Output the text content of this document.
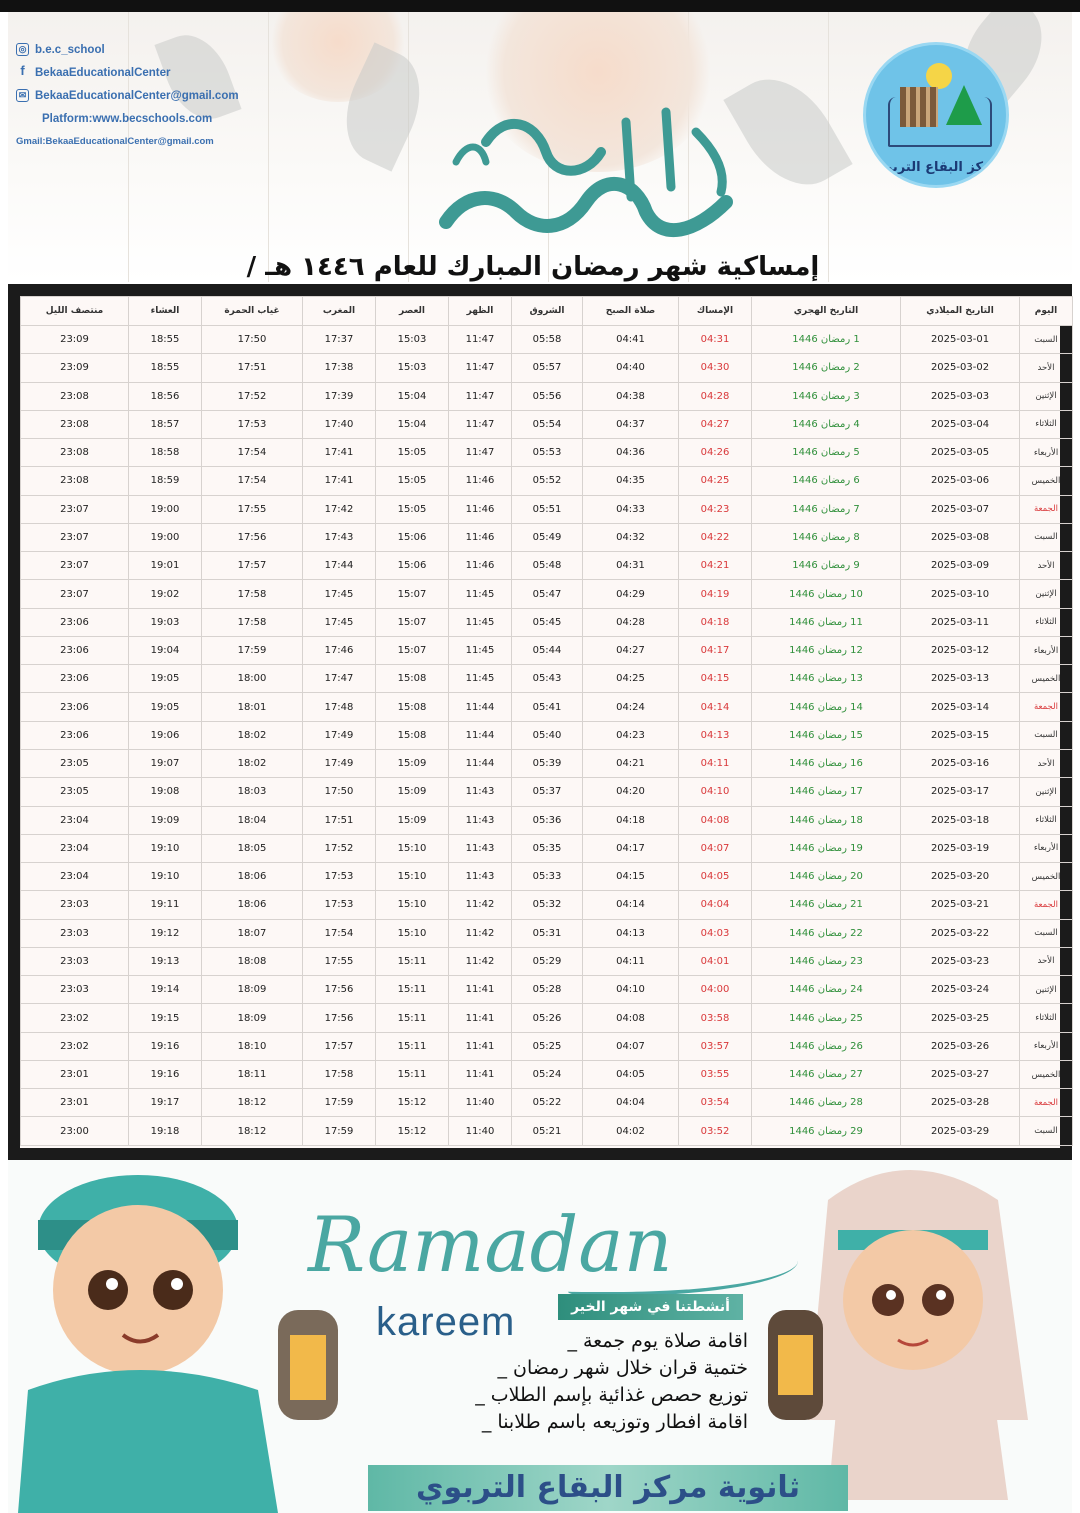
◎ b.e.c_school
f BekaaEducationalCenter
✉ BekaaEducationalCenter@gmail.com
Platform:www.becschools.com
Gmail:BekaaEducationalCenter@gmail.com
إمساكية شهر رمضان المبارك للعام ١٤٤٦ هـ /
مركز البقاع التربوي
اليوم	التاريخ الميلادي	التاريخ الهجري	الإمساك	صلاة الصبح	الشروق	الظهر	العصر	المغرب	غياب الحمرة	العشاء	منتصف الليل
السبت	2025-03-01	1 رمضان 1446	04:31	04:41	05:58	11:47	15:03	17:37	17:50	18:55	23:09
الأحد	2025-03-02	2 رمضان 1446	04:30	04:40	05:57	11:47	15:03	17:38	17:51	18:55	23:09
الإثنين	2025-03-03	3 رمضان 1446	04:28	04:38	05:56	11:47	15:04	17:39	17:52	18:56	23:08
الثلاثاء	2025-03-04	4 رمضان 1446	04:27	04:37	05:54	11:47	15:04	17:40	17:53	18:57	23:08
الأربعاء	2025-03-05	5 رمضان 1446	04:26	04:36	05:53	11:47	15:05	17:41	17:54	18:58	23:08
الخميس	2025-03-06	6 رمضان 1446	04:25	04:35	05:52	11:46	15:05	17:41	17:54	18:59	23:08
الجمعة	2025-03-07	7 رمضان 1446	04:23	04:33	05:51	11:46	15:05	17:42	17:55	19:00	23:07
السبت	2025-03-08	8 رمضان 1446	04:22	04:32	05:49	11:46	15:06	17:43	17:56	19:00	23:07
الأحد	2025-03-09	9 رمضان 1446	04:21	04:31	05:48	11:46	15:06	17:44	17:57	19:01	23:07
الإثنين	2025-03-10	10 رمضان 1446	04:19	04:29	05:47	11:45	15:07	17:45	17:58	19:02	23:07
الثلاثاء	2025-03-11	11 رمضان 1446	04:18	04:28	05:45	11:45	15:07	17:45	17:58	19:03	23:06
الأربعاء	2025-03-12	12 رمضان 1446	04:17	04:27	05:44	11:45	15:07	17:46	17:59	19:04	23:06
الخميس	2025-03-13	13 رمضان 1446	04:15	04:25	05:43	11:45	15:08	17:47	18:00	19:05	23:06
الجمعة	2025-03-14	14 رمضان 1446	04:14	04:24	05:41	11:44	15:08	17:48	18:01	19:05	23:06
السبت	2025-03-15	15 رمضان 1446	04:13	04:23	05:40	11:44	15:08	17:49	18:02	19:06	23:06
الأحد	2025-03-16	16 رمضان 1446	04:11	04:21	05:39	11:44	15:09	17:49	18:02	19:07	23:05
الإثنين	2025-03-17	17 رمضان 1446	04:10	04:20	05:37	11:43	15:09	17:50	18:03	19:08	23:05
الثلاثاء	2025-03-18	18 رمضان 1446	04:08	04:18	05:36	11:43	15:09	17:51	18:04	19:09	23:04
الأربعاء	2025-03-19	19 رمضان 1446	04:07	04:17	05:35	11:43	15:10	17:52	18:05	19:10	23:04
الخميس	2025-03-20	20 رمضان 1446	04:05	04:15	05:33	11:43	15:10	17:53	18:06	19:10	23:04
الجمعة	2025-03-21	21 رمضان 1446	04:04	04:14	05:32	11:42	15:10	17:53	18:06	19:11	23:03
السبت	2025-03-22	22 رمضان 1446	04:03	04:13	05:31	11:42	15:10	17:54	18:07	19:12	23:03
الأحد	2025-03-23	23 رمضان 1446	04:01	04:11	05:29	11:42	15:11	17:55	18:08	19:13	23:03
الإثنين	2025-03-24	24 رمضان 1446	04:00	04:10	05:28	11:41	15:11	17:56	18:09	19:14	23:03
الثلاثاء	2025-03-25	25 رمضان 1446	03:58	04:08	05:26	11:41	15:11	17:56	18:09	19:15	23:02
الأربعاء	2025-03-26	26 رمضان 1446	03:57	04:07	05:25	11:41	15:11	17:57	18:10	19:16	23:02
الخميس	2025-03-27	27 رمضان 1446	03:55	04:05	05:24	11:41	15:11	17:58	18:11	19:16	23:01
الجمعة	2025-03-28	28 رمضان 1446	03:54	04:04	05:22	11:40	15:12	17:59	18:12	19:17	23:01
السبت	2025-03-29	29 رمضان 1446	03:52	04:02	05:21	11:40	15:12	17:59	18:12	19:18	23:00
Ramadan
kareem	أنشطتنا في شهر الخير
اقامة صلاة يوم جمعة _
ختمية قران خلال شهر رمضان _
توزيع حصص غذائية بإسم الطلاب _
اقامة افطار وتوزيعه باسم طلابنا _
ثانوية مركز البقاع التربوي
